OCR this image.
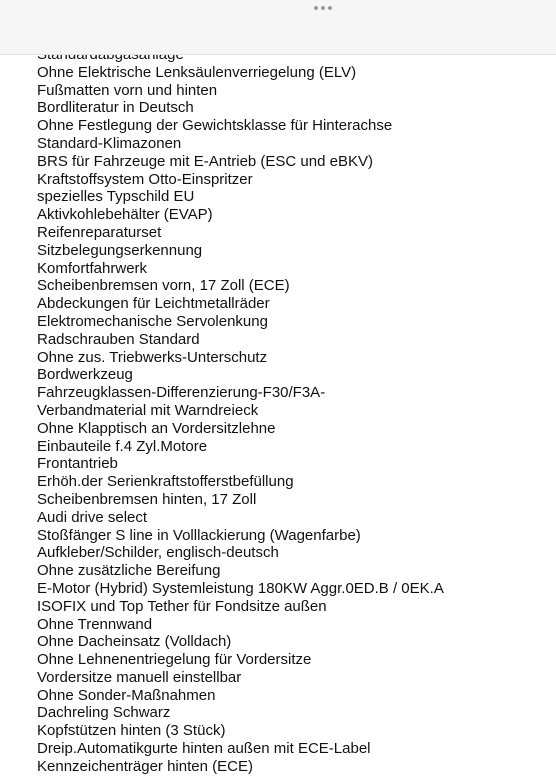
Ohne Elektrische Lenksäulenverriegelung (ELV)
Fußmatten vorn und hinten
Bordliteratur in Deutsch
Ohne Festlegung der Gewichtsklasse für Hinterachse
Standard-Klimazonen
BRS für Fahrzeuge mit E-Antrieb (ESC und eBKV)
Kraftstoffsystem Otto-Einspritzer
spezielles Typschild EU
Aktivkohlebehälter (EVAP)
Reifenreparaturset
Sitzbelegungserkennung
Komfortfahrwerk
Scheibenbremsen vorn, 17 Zoll (ECE)
Abdeckungen für Leichtmetallräder
Elektromechanische Servolenkung
Radschrauben Standard
Ohne zus. Triebwerks-Unterschutz
Bordwerkzeug
Fahrzeugklassen-Differenzierung-F30/F3A-
Verbandmaterial mit Warndreieck
Ohne Klapptisch an Vordersitzlehne
Einbauteile f.4 Zyl.Motore
Frontantrieb
Erhöh.der Serienkraftstofferstbefüllung
Scheibenbremsen hinten, 17 Zoll
Audi drive select
Stoßfänger S line in Volllackierung (Wagenfarbe)
Aufkleber/Schilder, englisch-deutsch
Ohne zusätzliche Bereifung
E-Motor (Hybrid) Systemleistung 180KW Aggr.0ED.B / 0EK.A
ISOFIX und Top Tether für Fondsitze außen
Ohne Trennwand
Ohne Dacheinsatz (Volldach)
Ohne Lehnenentriegelung für Vordersitze
Vordersitze manuell einstellbar
Ohne Sonder-Maßnahmen
Dachreling Schwarz
Kopfstützen hinten (3 Stück)
Dreip.Automatikgurte hinten außen mit ECE-Label
Kennzeichenträger hinten (ECE)
